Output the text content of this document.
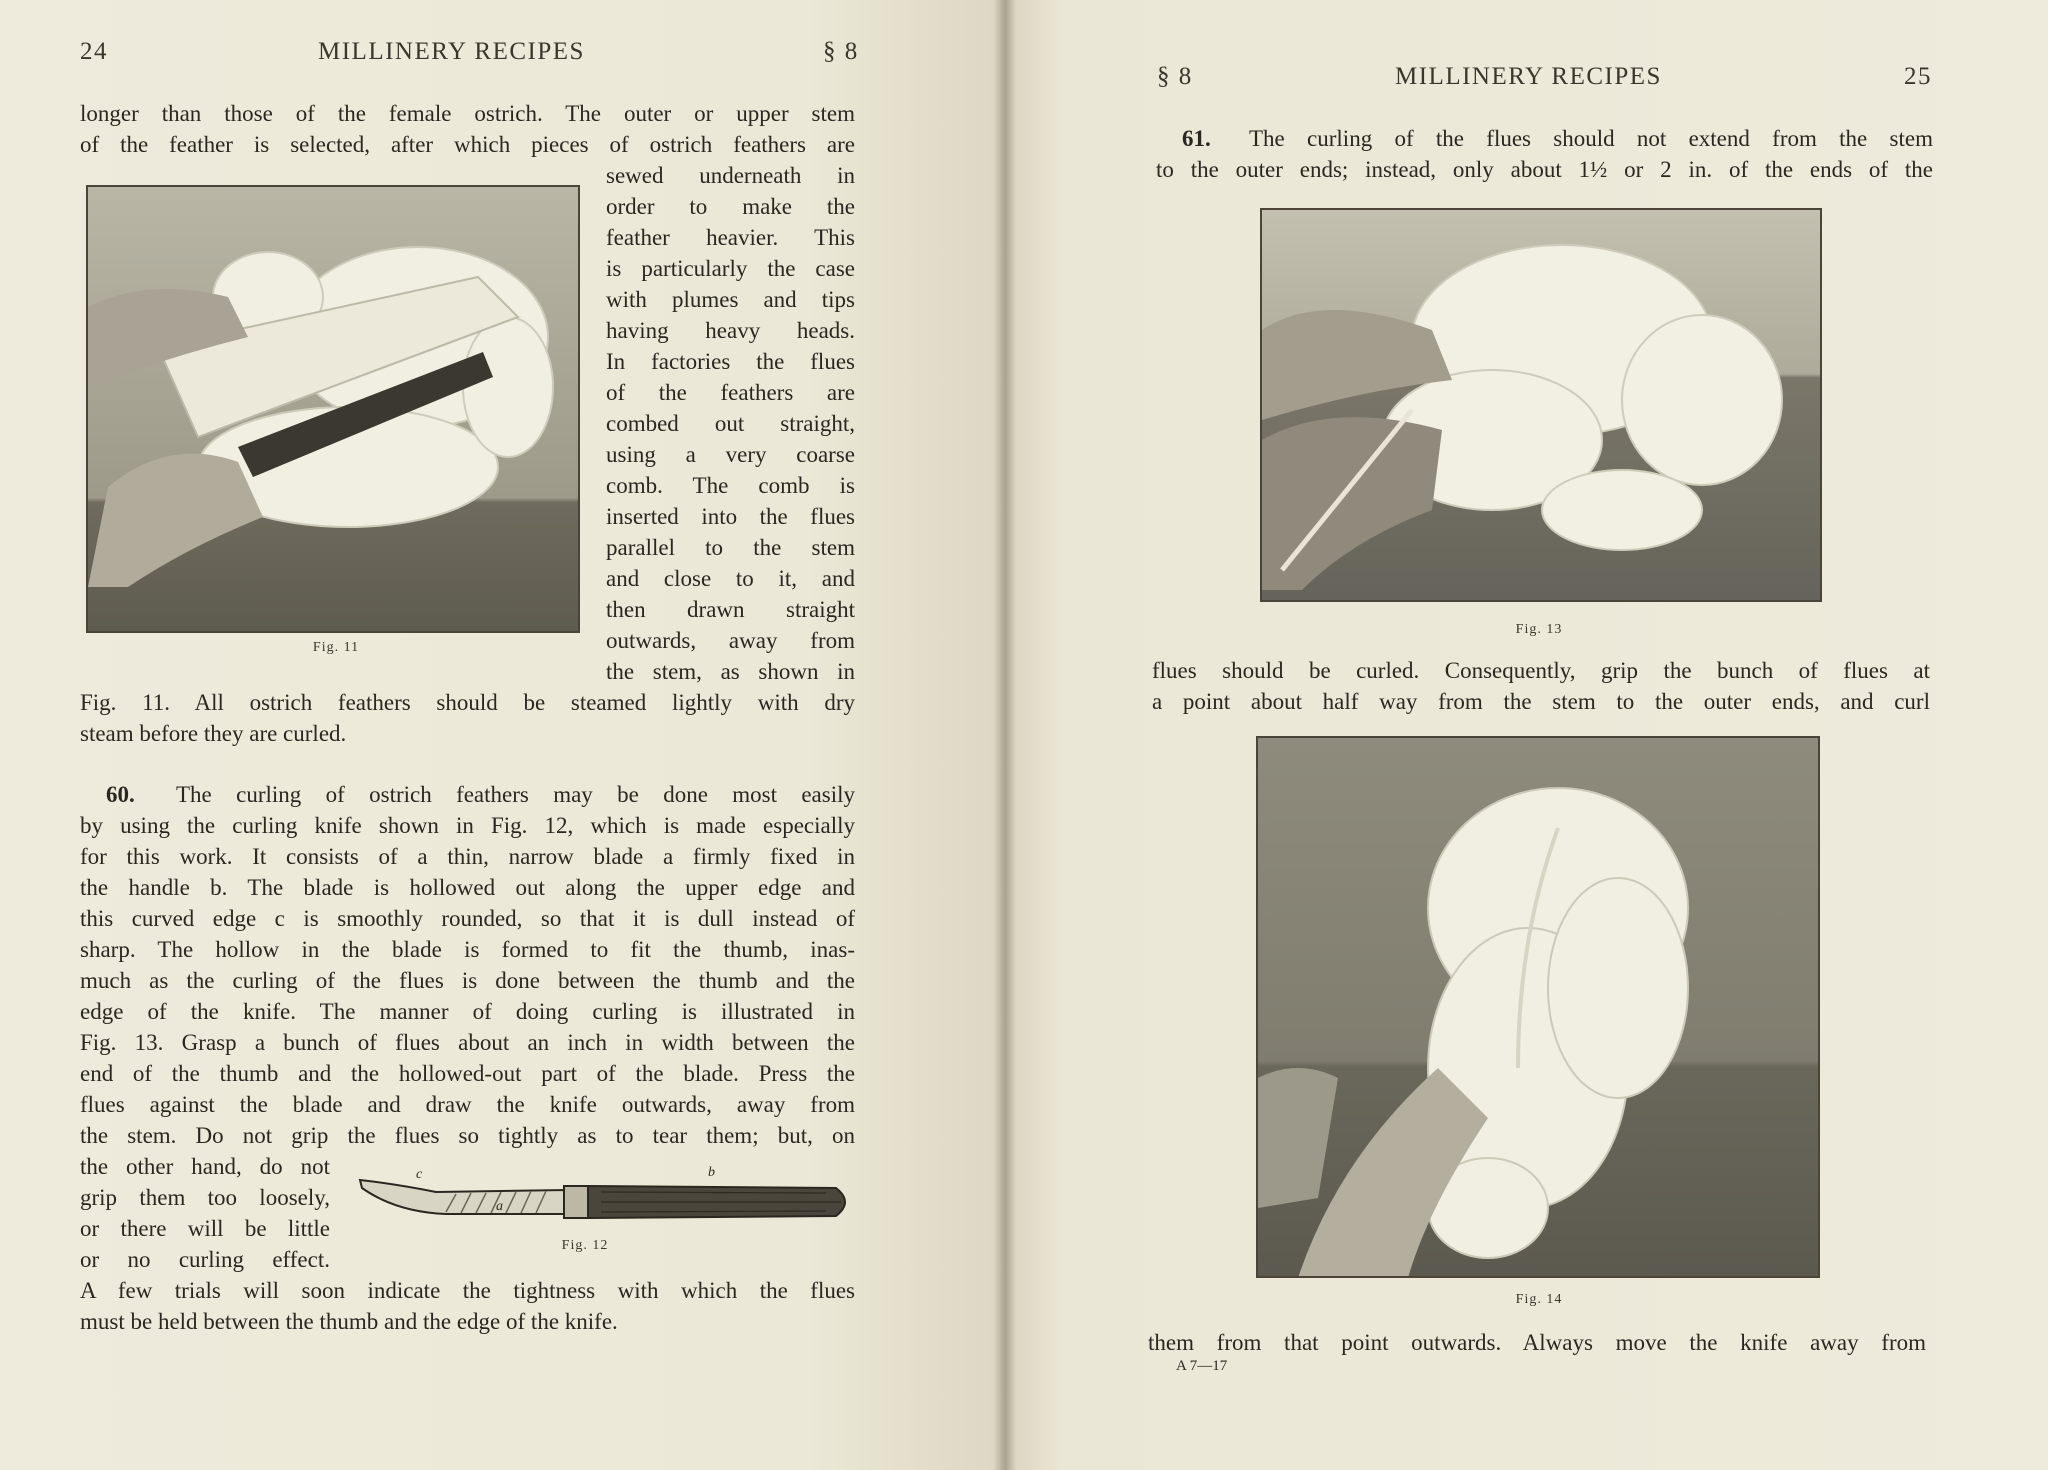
24	MILLINERY RECIPES	§ 8
longer than those of the female ostrich. The outer or upper stem
of the feather is selected, after which pieces of ostrich feathers are
Fig. 11
sewed underneath in
order to make the
feather heavier. This
is particularly the case
with plumes and tips
having heavy heads.
In factories the flues
of the feathers are
combed out straight,
using a very coarse
comb. The comb is
inserted into the flues
parallel to the stem
and close to it, and
then drawn straight
outwards, away from
the stem, as shown in
Fig. 11. All ostrich feathers should be steamed lightly with dry
steam before they are curled.
60.	The curling of ostrich feathers may be done most easily
by using the curling knife shown in Fig. 12, which is made especially
for this work. It consists of a thin, narrow blade a firmly fixed in
the handle b. The blade is hollowed out along the upper edge and
this curved edge c is smoothly rounded, so that it is dull instead of
sharp. The hollow in the blade is formed to fit the thumb, inas-
much as the curling of the flues is done between the thumb and the
edge of the knife. The manner of doing curling is illustrated in
Fig. 13. Grasp a bunch of flues about an inch in width between the
end of the thumb and the hollowed-out part of the blade. Press the
flues against the blade and draw the knife outwards, away from
the stem. Do not grip the flues so tightly as to tear them; but, on
the other hand, do not
grip them too loosely,
or there will be little
or no curling effect.
c
a
b
Fig. 12
A few trials will soon indicate the tightness with which the flues
must be held between the thumb and the edge of the knife.
§ 8	MILLINERY RECIPES	25
61.	The curling of the flues should not extend from the stem
to the outer ends; instead, only about 1½ or 2 in. of the ends of the
Fig. 13
flues should be curled. Consequently, grip the bunch of flues at
a point about half way from the stem to the outer ends, and curl
Fig. 14
them from that point outwards. Always move the knife away from
A 7—17
